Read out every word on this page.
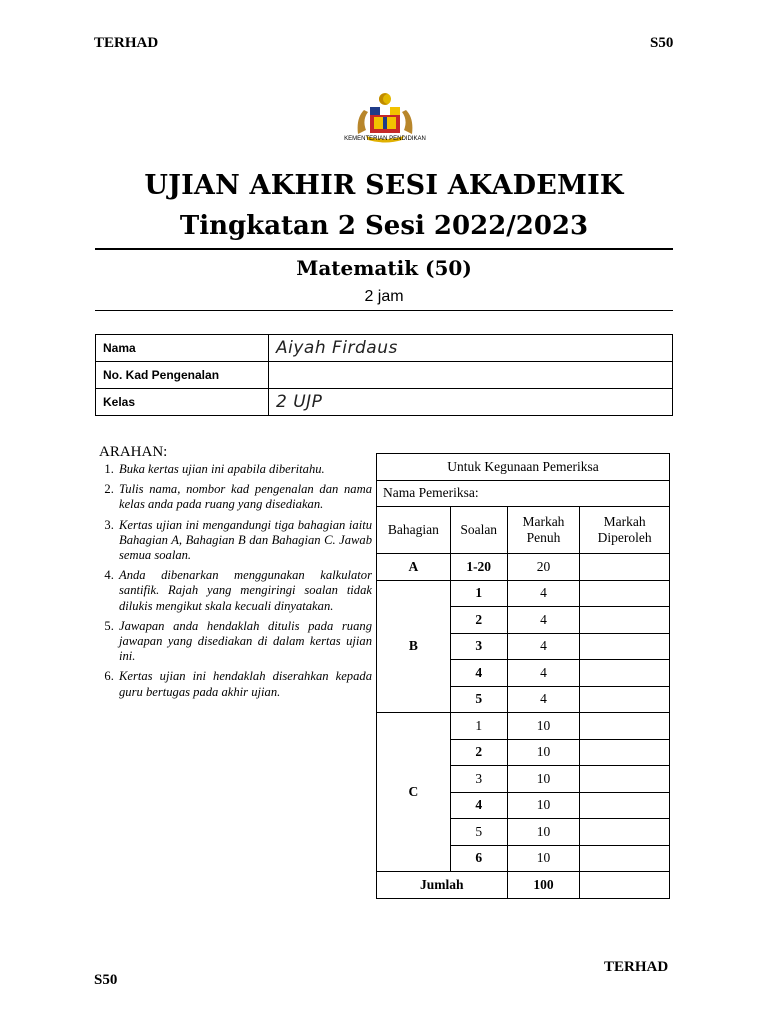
TERHAD	S50
KEMENTERIAN PENDIDIKAN
UJIAN AKHIR SESI AKADEMIK
Tingkatan 2 Sesi 2022/2023
Matematik (50)
2 jam
Nama	Aiyah Firdaus
No. Kad Pengenalan	
Kelas	2 UJP
ARAHAN:
1. Buka kertas ujian ini apabila diberitahu.
2. Tulis nama, nombor kad pengenalan dan nama kelas anda pada ruang yang disediakan.
3. Kertas ujian ini mengandungi tiga bahagian iaitu Bahagian A, Bahagian B dan Bahagian C. Jawab semua soalan.
4. Anda dibenarkan menggunakan kalkulator santifik. Rajah yang mengiringi soalan tidak dilukis mengikut skala kecuali dinyatakan.
5. Jawapan anda hendaklah ditulis pada ruang jawapan yang disediakan di dalam kertas ujian ini.
6. Kertas ujian ini hendaklah diserahkan kepada guru bertugas pada akhir ujian.
Untuk Kegunaan Pemeriksa			
Nama Pemeriksa:			
Bahagian	Soalan	Markah Penuh	Markah Diperoleh
A	1-20	20	
B	1	4	
	2	4	
	3	4	
	4	4	
	5	4	
C	1	10	
	2	10	
	3	10	
	4	10	
	5	10	
	6	10	
Jumlah		100	
S50
TERHAD
